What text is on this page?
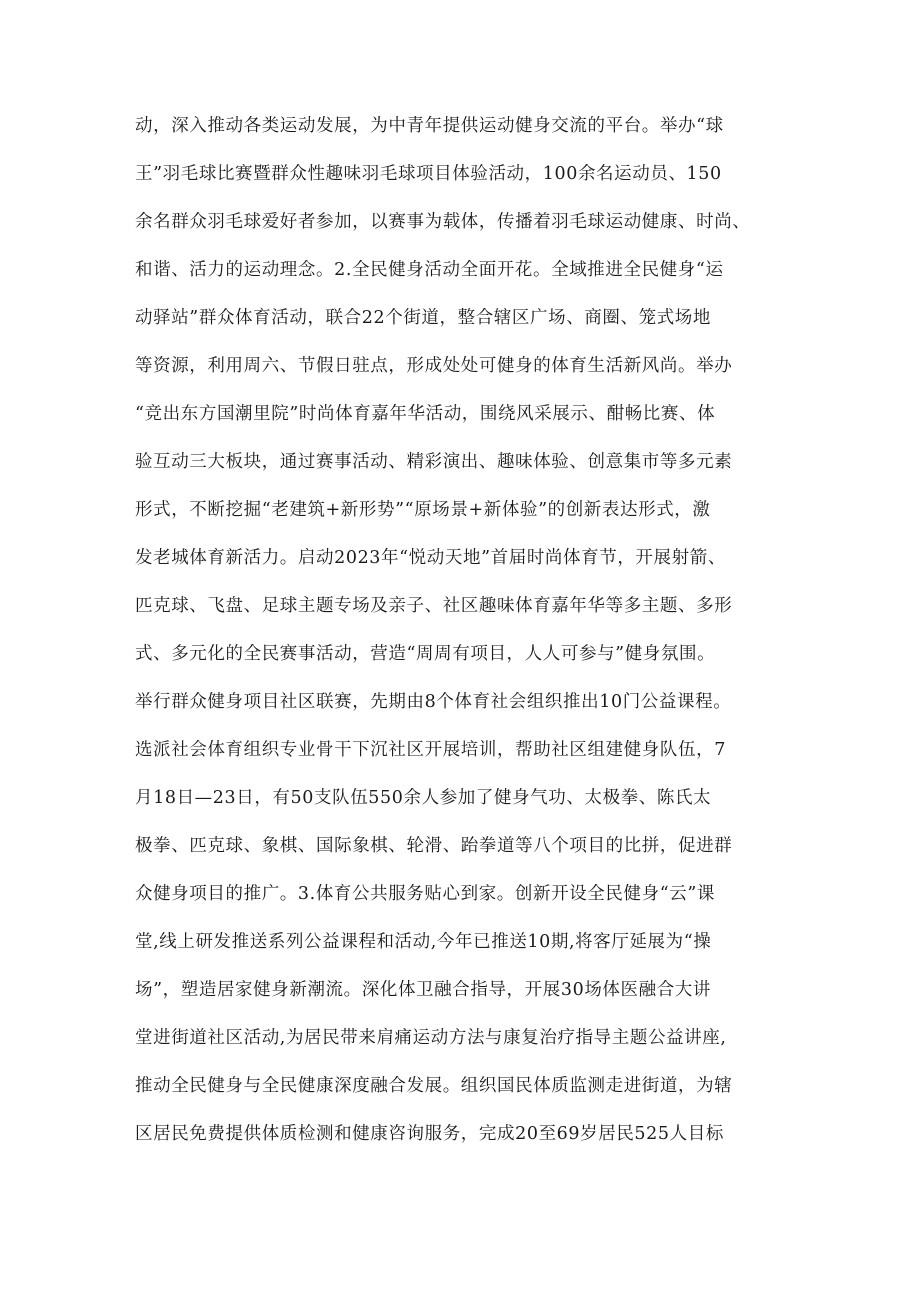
动，深入推动各类运动发展，为中青年提供运动健身交流的平台。举办“球
王”羽毛球比赛暨群众性趣味羽毛球项目体验活动，100余名运动员、150
余名群众羽毛球爱好者参加，以赛事为载体，传播着羽毛球运动健康、时尚、
和谐、活力的运动理念。2.全民健身活动全面开花。全域推进全民健身“运
动驿站”群众体育活动，联合22个街道，整合辖区广场、商圈、笼式场地
等资源，利用周六、节假日驻点，形成处处可健身的体育生活新风尚。举办
“竞出东方国潮里院”时尚体育嘉年华活动，围绕风采展示、酣畅比赛、体
验互动三大板块，通过赛事活动、精彩演出、趣味体验、创意集市等多元素
形式，不断挖掘“老建筑+新形势”“原场景+新体验”的创新表达形式，激
发老城体育新活力。启动2023年“悦动天地”首届时尚体育节，开展射箭、
匹克球、飞盘、足球主题专场及亲子、社区趣味体育嘉年华等多主题、多形
式、多元化的全民赛事活动，营造“周周有项目，人人可参与”健身氛围。
举行群众健身项目社区联赛，先期由8个体育社会组织推出10门公益课程。
选派社会体育组织专业骨干下沉社区开展培训，帮助社区组建健身队伍，7
月18日—23日，有50支队伍550余人参加了健身气功、太极拳、陈氏太
极拳、匹克球、象棋、国际象棋、轮滑、跆拳道等八个项目的比拼，促进群
众健身项目的推广。3.体育公共服务贴心到家。创新开设全民健身“云”课
堂,线上研发推送系列公益课程和活动,今年已推送10期,将客厅延展为“操
场”，塑造居家健身新潮流。深化体卫融合指导，开展30场体医融合大讲
堂进街道社区活动,为居民带来肩痛运动方法与康复治疗指导主题公益讲座,
推动全民健身与全民健康深度融合发展。组织国民体质监测走进街道，为辖
区居民免费提供体质检测和健康咨询服务，完成20至69岁居民525人目标
